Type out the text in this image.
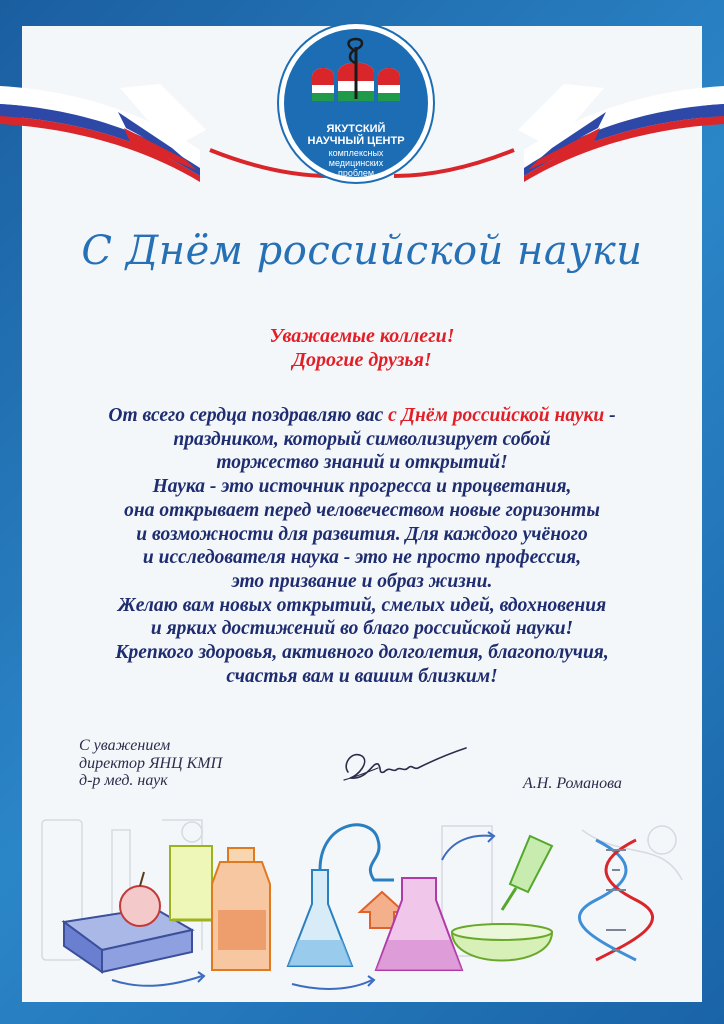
ЯКУТСКИЙ
НАУЧНЫЙ ЦЕНТР
комплексных
медицинских
проблем
С Днём российской науки
Уважаемые коллеги!
Дорогие друзья!
От всего сердца поздравляю вас с Днём российской науки -
праздником, который символизирует собой
торжество знаний и открытий!
Наука - это источник прогресса и процветания,
она открывает перед человечеством новые горизонты
и возможности для развития. Для каждого учёного
и исследователя наука - это не просто профессия,
это призвание и образ жизни.
Желаю вам новых открытий, смелых идей, вдохновения
и ярких достижений во благо российской науки!
Крепкого здоровья, активного долголетия, благополучия,
счастья вам и вашим близким!
С уважением
директор ЯНЦ КМП
д-р мед. наук	А.Н. Романова
